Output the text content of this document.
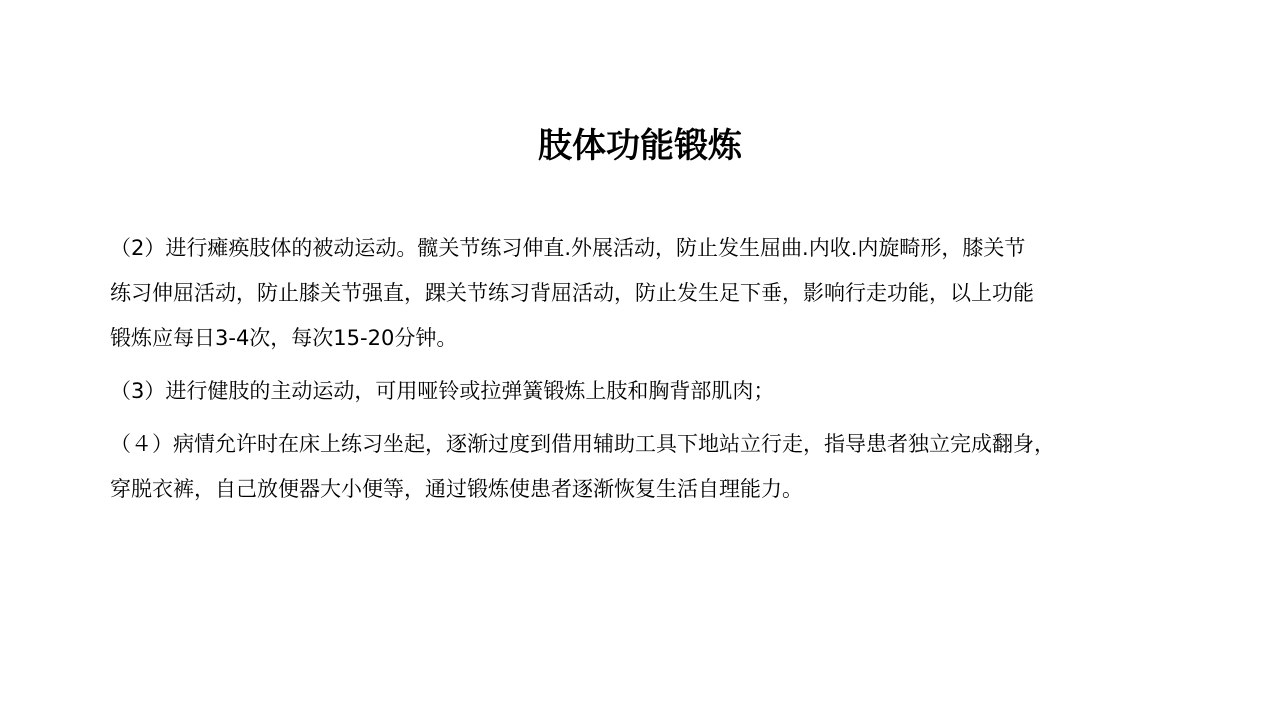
肢体功能锻炼

（2）进行瘫痪肢体的被动运动。髋关节练习伸直.外展活动，防止发生屈曲.内收.内旋畸形，膝关节
练习伸屈活动，防止膝关节强直，踝关节练习背屈活动，防止发生足下垂，影响行走功能，以上功能
锻炼应每日3-4次，每次15-20分钟。

（3）进行健肢的主动运动，可用哑铃或拉弹簧锻炼上肢和胸背部肌肉；

（４）病情允许时在床上练习坐起，逐渐过度到借用辅助工具下地站立行走，指导患者独立完成翻身，
穿脱衣裤，自己放便器大小便等，通过锻炼使患者逐渐恢复生活自理能力。
